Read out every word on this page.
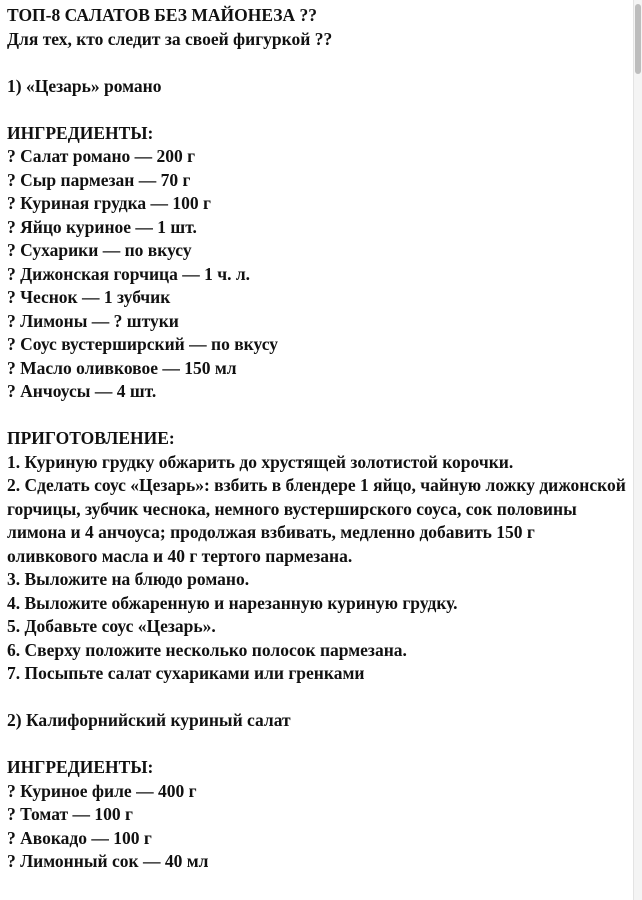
ТОП-8 САЛАТОВ БЕЗ МАЙОНЕЗА ??
Для тех, кто следит за своей фигуркой ??
1) «Цезарь» романо
ИНГРЕДИЕНТЫ:
? Салат романо — 200 г
? Сыр пармезан — 70 г
? Куриная грудка — 100 г
? Яйцо куриное — 1 шт.
? Сухарики — по вкусу
? Дижонская горчица — 1 ч. л.
? Чеснок — 1 зубчик
? Лимоны — ? штуки
? Соус вустерширский — по вкусу
? Масло оливковое — 150 мл
? Анчоусы — 4 шт.
ПРИГОТОВЛЕНИЕ:
1. Куриную грудку обжарить до хрустящей золотистой корочки.
2. Сделать соус «Цезарь»: взбить в блендере 1 яйцо, чайную ложку дижонской горчицы, зубчик чеснока, немного вустерширского соуса, сок половины лимона и 4 анчоуса; продолжая взбивать, медленно добавить 150 г оливкового масла и 40 г тертого пармезана.
3. Выложите на блюдо романо.
4. Выложите обжаренную и нарезанную куриную грудку.
5. Добавьте соус «Цезарь».
6. Сверху положите несколько полосок пармезана.
7. Посыпьте салат сухариками или гренками
2) Калифорнийский куриный салат
ИНГРЕДИЕНТЫ:
? Куриное филе — 400 г
? Томат — 100 г
? Авокадо — 100 г
? Лимонный сок — 40 мл
